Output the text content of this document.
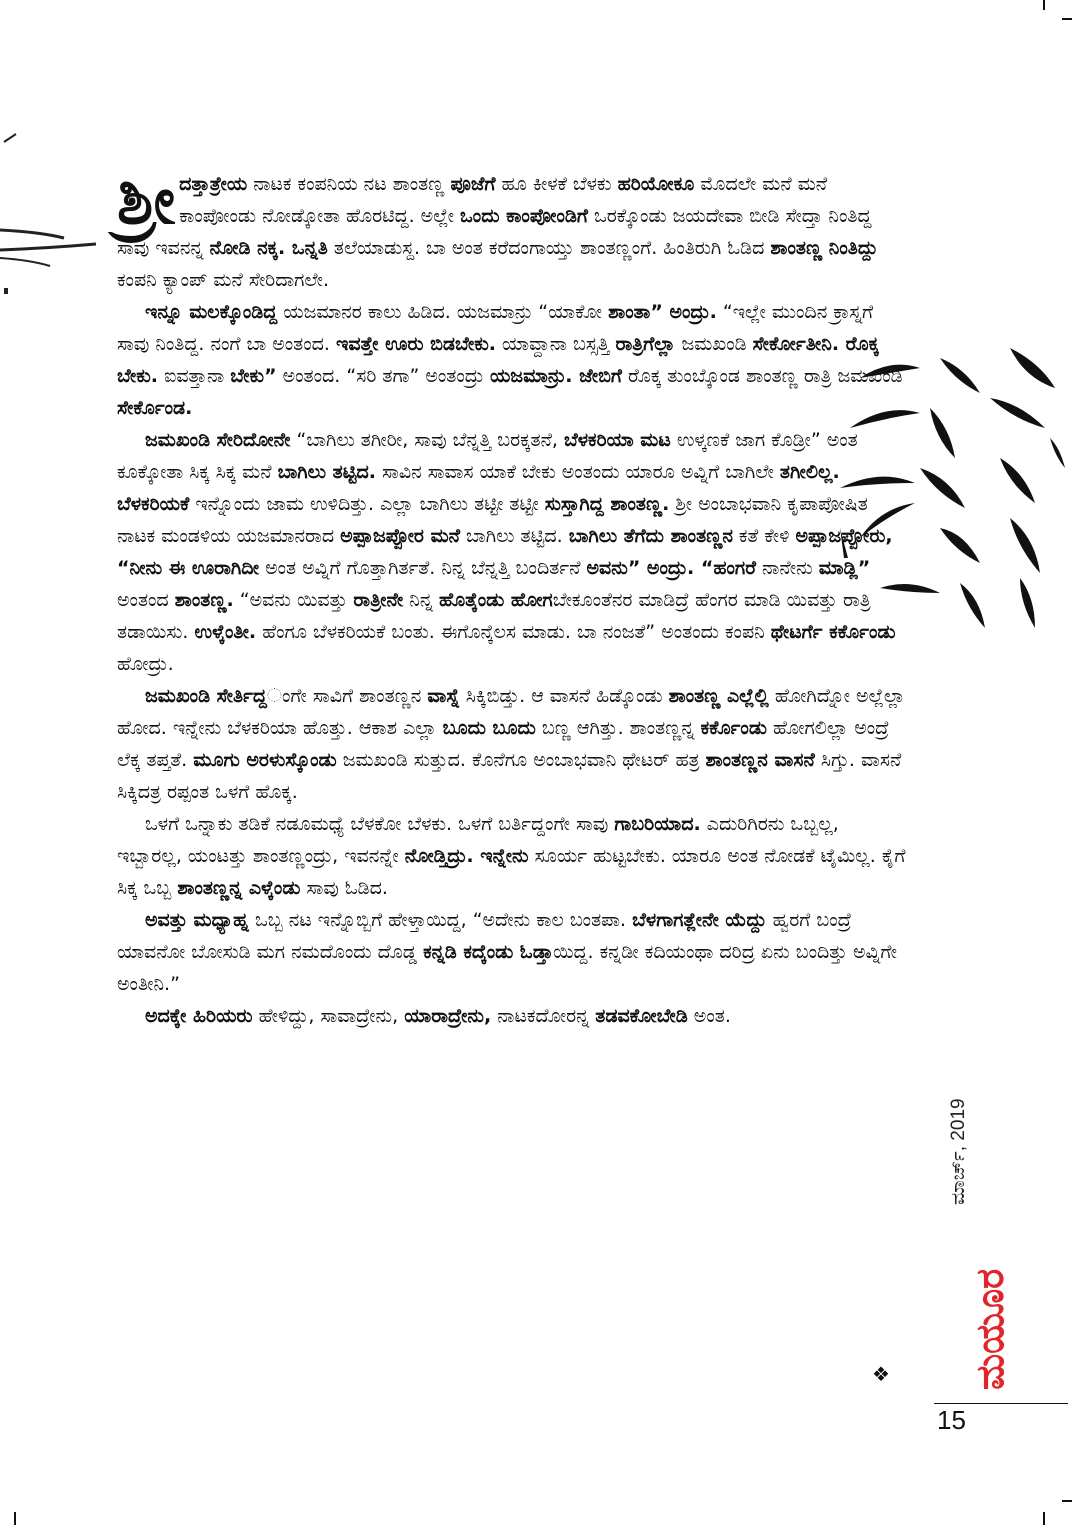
ಶ್ರೀ ದತ್ತಾತ್ರೇಯ ನಾಟಕ ಕಂಪನಿಯ ನಟ ಶಾಂತಣ್ಣ ಪೂಜೆಗೆ ಹೂ ಕೀಳಕೆ ಬೆಳಕು ಹರಿಯೋಕೂ ಮೊದಲೇ ಮನೆ ಮನೆ ಕಾಂಪೋಂಡು ನೋಡ್ಕೋತಾ ಹೊರಟಿದ್ದ. ಅಲ್ಲೇ ಒಂದು ಕಾಂಪೋಂಡಿಗೆ ಒರಕ್ಕೊಂಡು ಜಯದೇವಾ ಬೀಡಿ ಸೇದ್ತಾ ನಿಂತಿದ್ದ ಸಾವು ಇವನನ್ನ ನೋಡಿ ನಕ್ಕ. ಒನ್ನತಿ ತಲೆಯಾಡುಸ್ದ. ಬಾ ಅಂತ ಕರೆದಂಗಾಯ್ತು ಶಾಂತಣ್ಣಂಗೆ. ಹಿಂತಿರುಗಿ ಓಡಿದ ಶಾಂತಣ್ಣ ನಿಂತಿದ್ದು ಕಂಪನಿ ಕ್ಯಾಂಪ್ ಮನೆ ಸೇರಿದಾಗಲೇ.

ಇನ್ನೂ ಮಲಕ್ಕೊಂಡಿದ್ದ ಯಜಮಾನರ ಕಾಲು ಹಿಡಿದ. ಯಜಮಾನ್ರು “ಯಾಕೋ ಶಾಂತಾ” ಅಂದ್ರು. “ಇಲ್ಲೇ ಮುಂದಿನ ಕ್ರಾಸ್ನಗೆ ಸಾವು ನಿಂತಿದ್ದ. ನಂಗೆ ಬಾ ಅಂತಂದ. ಇವತ್ತೇ ಊರು ಬಿಡಬೇಕು. ಯಾವ್ದಾನಾ ಬಸ್ಸತ್ತಿ ರಾತ್ರಿಗೆಲ್ಲಾ ಜಮಖಂಡಿ ಸೇರ್ಕೋತೀನಿ. ರೊಕ್ಕ ಬೇಕು. ಐವತ್ತಾನಾ ಬೇಕು” ಅಂತಂದ. “ಸರಿ ತಗಾ” ಅಂತಂದ್ರು ಯಜಮಾನ್ರು. ಜೇಬಿಗೆ ರೊಕ್ಕ ತುಂಬ್ಕೊಂಡ ಶಾಂತಣ್ಣ ರಾತ್ರಿ ಜಮಖಂಡಿ ಸೇರ್ಕೊಂಡ.

ಜಮಖಂಡಿ ಸೇರಿದೋನೇ “ಬಾಗಿಲು ತಗೀರೀ, ಸಾವು ಬೆನ್ನತ್ತಿ ಬರಕ್ಕತನೆ, ಬೆಳಕರಿಯಾ ಮಟ ಉಳ್ಕಣಕೆ ಜಾಗ ಕೊಡ್ರೀ” ಅಂತ ಕೂಕ್ಕೋತಾ ಸಿಕ್ಕ ಸಿಕ್ಕ ಮನೆ ಬಾಗಿಲು ತಟ್ಟಿದ. ಸಾವಿನ ಸಾವಾಸ ಯಾಕೆ ಬೇಕು ಅಂತಂದು ಯಾರೂ ಅವ್ನಿಗೆ ಬಾಗಿಲೇ ತಗೀಲಿಲ್ಲ. ಬೆಳಕರಿಯಕೆ ಇನ್ನೊಂದು ಜಾಮ ಉಳಿದಿತ್ತು. ಎಲ್ಲಾ ಬಾಗಿಲು ತಟ್ಟೀ ತಟ್ಟೀ ಸುಸ್ತಾಗಿದ್ದ ಶಾಂತಣ್ಣ. ಶ್ರೀ ಅಂಬಾಭವಾನಿ ಕೃಪಾಪೋಷಿತ ನಾಟಕ ಮಂಡಳಿಯ ಯಜಮಾನರಾದ ಅಪ್ಪಾಜಪ್ಪೋರ ಮನೆ ಬಾಗಿಲು ತಟ್ಟಿದ. ಬಾಗಿಲು ತೆಗೆದು ಶಾಂತಣ್ಣನ ಕತೆ ಕೇಳಿ ಅಪ್ಪಾಜಪ್ಪೋರು, “ನೀನು ಈ ಊರಾಗಿದೀ ಅಂತ ಅವ್ನಿಗೆ ಗೊತ್ತಾಗಿರ್ತತೆ. ನಿನ್ನ ಬೆನ್ನತ್ತಿ ಬಂದಿರ್ತನೆ ಅವನು” ಅಂದ್ರು. “ಹಂಗರೆ ನಾನೇನು ಮಾಡ್ಲಿ” ಅಂತಂದ ಶಾಂತಣ್ಣ. “ಅವನು ಯಿವತ್ತು ರಾತ್ರೀನೇ ನಿನ್ನ ಹೊತ್ಕೆಂಡು ಹೋಗಬೇಕೂಂತೆನರ ಮಾಡಿದ್ರೆ ಹೆಂಗರ ಮಾಡಿ ಯಿವತ್ತು ರಾತ್ರಿ ತಡಾಯಿಸು. ಉಳ್ಕೆಂತೀ. ಹೆಂಗೂ ಬೆಳಕರಿಯಕೆ ಬಂತು. ಈಗೊನ್ಕೆಲಸ ಮಾಡು. ಬಾ ನಂಜತೆ” ಅಂತಂದು ಕಂಪನಿ ಥೇಟರ್ಗೆ ಕರ್ಕೊಂಡು ಹೋದ್ರು.

ಜಮಖಂಡಿ ಸೇರ್ತಿದ್ದಂಗೇ ಸಾವಿಗೆ ಶಾಂತಣ್ಣನ ವಾಸ್ನೆ ಸಿಕ್ಕಿಬಿಡ್ತು. ಆ ವಾಸನೆ ಹಿಡ್ಕೊಂಡು ಶಾಂತಣ್ಣ ಎಲ್ಲೆಲ್ಲಿ ಹೋಗಿದ್ನೋ ಅಲ್ಲೆಲ್ಲಾ ಹೋದ. ಇನ್ನೇನು ಬೆಳಕರಿಯಾ ಹೊತ್ತು. ಆಕಾಶ ಎಲ್ಲಾ ಬೂದು ಬೂದು ಬಣ್ಣ ಆಗಿತ್ತು. ಶಾಂತಣ್ಣನ್ನ ಕರ್ಕೊಂಡು ಹೋಗಲಿಲ್ಲಾ ಅಂದ್ರೆ ಲೆಕ್ಕ ತಪ್ತತೆ. ಮೂಗು ಅರಳುಸ್ಕೊಂಡು ಜಮಖಂಡಿ ಸುತ್ತುದ. ಕೊನೆಗೂ ಅಂಬಾಭವಾನಿ ಥೇಟರ್ ಹತ್ರ ಶಾಂತಣ್ಣನ ವಾಸನೆ ಸಿಗ್ತು. ವಾಸನೆ ಸಿಕ್ಕಿದತ್ರ ರಪ್ಪಂತ ಒಳಗೆ ಹೊಕ್ಕ.

ಒಳಗೆ ಒನ್ನಾಕು ತಡಿಕೆ ನಡೂಮಧ್ಯೆ ಬೆಳಕೋ ಬೆಳಕು. ಒಳಗೆ ಬರ್ತಿದ್ದಂಗೇ ಸಾವು ಗಾಬರಿಯಾದ. ಎದುರಿಗಿರನು ಒಬ್ಬಲ್ಲ, ಇಬ್ಬಾರಲ್ಲ, ಯಂಟತ್ತು ಶಾಂತಣ್ಣಂದ್ರು, ಇವನನ್ನೇ ನೋಡ್ತಿದ್ರು. ಇನ್ನೇನು ಸೂರ್ಯ ಹುಟ್ಟಬೇಕು. ಯಾರೂ ಅಂತ ನೋಡಕೆ ಟೈಮಿಲ್ಲ. ಕೈಗೆ ಸಿಕ್ಕ ಒಬ್ಬ ಶಾಂತಣ್ಣನ್ನ ಎಳ್ಕೆಂಡು ಸಾವು ಓಡಿದ.

ಅವತ್ತು ಮಧ್ಯಾಹ್ನ ಒಬ್ಬ ನಟ ಇನ್ನೊಬ್ಬಿಗೆ ಹೇಳ್ತಾಯಿದ್ದ, “ಅದೇನು ಕಾಲ ಬಂತಪಾ. ಬೆಳಗಾಗತ್ಲೇನೇ ಯೆದ್ದು ಹ್ವರಗೆ ಬಂದ್ರೆ ಯಾವನೋ ಬೋಸುಡಿ ಮಗ ನಮದೊಂದು ದೊಡ್ಡ ಕನ್ನಡಿ ಕದ್ಕೆಂಡು ಓಡ್ತಾಯಿದ್ದ. ಕನ್ನಡೀ ಕದಿಯಂಥಾ ದರಿದ್ರ ಏನು ಬಂದಿತ್ತು ಅವ್ನಿಗೇ ಅಂತೀನಿ.”

ಅದಕ್ಕೇ ಹಿರಿಯರು ಹೇಳಿದ್ದು, ಸಾವಾದ್ರೇನು, ಯಾರಾದ್ರೇನು, ನಾಟಕದೋರನ್ನ ತಡವಕೋಬೇಡಿ ಅಂತ.

❖
ಮಾರ್ಚ್, 2019
ಮಯೂರ
15
